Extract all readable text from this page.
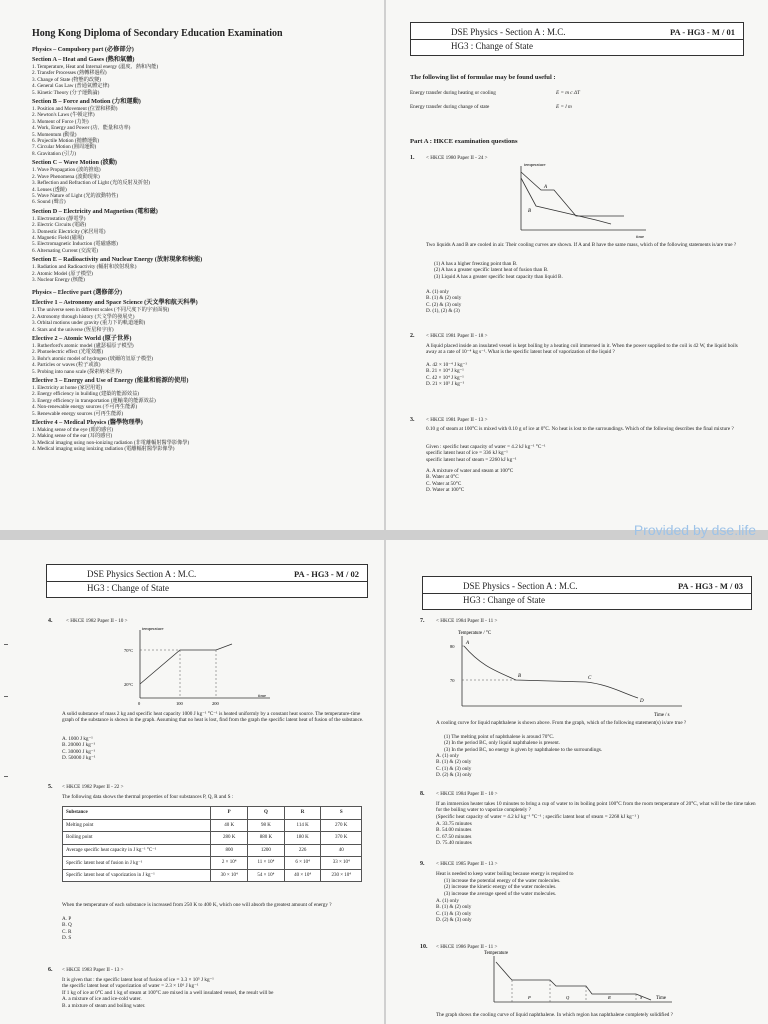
Hong Kong Diploma of Secondary Education Examination
Physics – Compulsory part (必修部分)
Section A – Heat and Gases (熱和氣體)
1. Temperature, Heat and Internal energy (溫度、熱和內能)
2. Transfer Processes (熱轉移過程)
3. Change of State (物態的改變)
4. General Gas Law (普通氣體定律)
5. Kinetic Theory (分子運動論)
Section B – Force and Motion (力和運動)
1. Position and Movement (位置和移動)
2. Newton's Laws (牛頓定律)
3. Moment of Force (力矩)
4. Work, Energy and Power (功、能量和功率)
5. Momentum (動量)
6. Projectile Motion (拋體運動)
7. Circular Motion (圓周運動)
8. Gravitation (引力)
Section C – Wave Motion (波動)
1. Wave Propagation (波的推進)
2. Wave Phenomena (波動現象)
3. Reflection and Refraction of Light (光的反射及折射)
4. Lenses (透鏡)
5. Wave Nature of Light (光的波動特性)
6. Sound (聲音)
Section D – Electricity and Magnetism (電和磁)
1. Electrostatics (靜電學)
2. Electric Circuits (電路)
3. Domestic Electricity (家居用電)
4. Magnetic Field (磁場)
5. Electromagnetic Induction (電磁感應)
6. Alternating Current (交流電)
Section E – Radioactivity and Nuclear Energy (放射現象和核能)
1. Radiation and Radioactivity (輻射和放射現象)
2. Atomic Model (原子模型)
3. Nuclear Energy (核能)
Physics – Elective part (選修部分)
Elective 1 – Astronomy and Space Science (天文學和航天科學)
1. The universe seen in different scales (不同尺度下的宇宙面貌)
2. Astronomy through history (天文學的發展史)
3. Orbital motions under gravity (重力下的軌道運動)
4. Stars and the universe (恆星和宇宙)
Elective 2 – Atomic World (原子世界)
1. Rutherford's atomic model (盧瑟福原子模型)
2. Photoelectric effect (光電效應)
3. Bohr's atomic model of hydrogen (玻爾的氫原子模型)
4. Particles or waves (粒子或波)
5. Probing into nano scale (探索納米世界)
Elective 3 – Energy and Use of Energy (能量和能源的使用)
1. Electricity at home (家居用電)
2. Energy efficiency in building (建築的能源效益)
3. Energy efficiency in transportation (運輸業的能源效益)
4. Non-renewable energy sources (不可再生能源)
5. Renewable energy sources (可再生能源)
Elective 4 – Medical Physics (醫學物理學)
1. Making sense of the eye (眼的感官)
2. Making sense of the ear (耳的感官)
3. Medical imaging using non-ionizing radiation (非電離輻射醫學影像學)
4. Medical imaging using ionizing radiation (電離輻射醫學影像學)
DSE Physics - Section A : M.C.
HG3 : Change of State
PA - HG3 - M / 01
The following list of formulae may be found useful :
Energy transfer during heating or cooling	E = m c ΔT
Energy transfer during change of state	E = l m
Part A : HKCE examination questions
1. < HKCE 1980 Paper II - 24 >
temperature
time
A
B
Two liquids A and B are cooled in air. Their cooling curves are shown. If A and B have the same mass, which of the following statements is/are true ?
(1) A has a higher freezing point than B.
(2) A has a greater specific latent heat of fusion than B.
(3) Liquid A has a greater specific heat capacity than liquid B.
A. (1) only
B. (1) & (2) only
C. (2) & (3) only
D. (1), (2) & (3)
2. < HKCE 1981 Paper II - 18 >
A liquid placed inside an insulated vessel is kept boiling by a heating coil immersed in it. When the power supplied to the coil is 42 W, the liquid boils away at a rate of 10⁻⁴ kg s⁻¹. What is the specific latent heat of vaporization of the liquid ?
A. 42 × 10⁻⁴ J kg⁻¹
B. 21 × 10⁴ J kg⁻¹
C. 42 × 10⁴ J kg⁻¹
D. 21 × 10⁵ J kg⁻¹
3. < HKCE 1981 Paper II - 13 >
0.10 g of steam at 100°C is mixed with 0.10 g of ice at 0°C. No heat is lost to the surroundings. Which of the following describes the final mixture ?
Given : specific heat capacity of water = 4.2 kJ kg⁻¹ °C⁻¹
specific latent heat of ice = 336 kJ kg⁻¹
specific latent heat of steam = 2260 kJ kg⁻¹
A. A mixture of water and steam at 100°C
B. Water at 0°C
C. Water at 50°C
D. Water at 100°C
Provided by dse.life
DSE Physics Section A : M.C.
HG3 : Change of State
PA - HG3 - M / 02
4.	< HKCE 1982 Paper II - 10 >
temperature
time
70°C
20°C
0	100	200
A solid substance of mass 2 kg and specific heat capacity 1000 J kg⁻¹ °C⁻¹ is heated uniformly by a constant heat source. The temperature-time graph of the substance is shown in the graph. Assuming that no heat is lost, find from the graph the specific latent heat of fusion of the substance.
A. 1000 J kg⁻¹
B. 20000 J kg⁻¹
C. 30000 J kg⁻¹
D. 50000 J kg⁻¹
5. < HKCE 1982 Paper II - 22 >
The following data shows the thermal properties of four substances P, Q, R and S :
Substance	P	Q	R	S
Melting point	40 K	98 K	114 K	270 K
Boiling point	280 K	880 K	180 K	370 K
Average specific heat capacity in J kg⁻¹ °C⁻¹	800	1200	226	40
Specific latent heat of fusion in J kg⁻¹	2 × 10⁴	11 × 10⁴	6 × 10⁴	33 × 10⁴
Specific latent heat of vaporization in J kg⁻¹	30 × 10⁴	54 × 10⁴	40 × 10⁴	230 × 10⁴
When the temperature of each substance is increased from 250 K to 400 K, which one will absorb the greatest amount of energy ?
A. P
B. Q
C. R
D. S
6. < HKCE 1983 Paper II - 13 >
It is given that : the specific latent heat of fusion of ice = 3.3 × 10⁵ J kg⁻¹
the specific latent heat of vaporization of water = 2.3 × 10⁶ J kg⁻¹
If 1 kg of ice at 0°C and 1 kg of steam at 100°C are mixed in a well insulated vessel, the result will be
A. a mixture of ice and ice-cold water.
B. a mixture of steam and boiling water.
DSE Physics - Section A : M.C.
HG3 : Change of State
PA - HG3 - M / 03
7. < HKCE 1984 Paper II - 11 >
Temperature / °C
Time / s
80
70
A
B	C
D
A cooling curve for liquid naphthalene is shown above. From the graph, which of the following statement(s) is/are true ?
(1) The melting point of naphthalene is around 70°C.
(2) In the period BC, only liquid naphthalene is present.
(3) In the period BC, no energy is given by naphthalene to the surroundings.
A. (1) only
B. (1) & (2) only
C. (1) & (3) only
D. (2) & (3) only
8. < HKCE 1984 Paper II - 10 >
If an immersion heater takes 10 minutes to bring a cup of water to its boiling point 100°C from the room temperature of 20°C, what will be the time taken for the boiling water to vaporize completely ?
(Specific heat capacity of water = 4.2 kJ kg⁻¹ °C⁻¹ ; specific latent heat of steam = 2268 kJ kg⁻¹ )
A. 33.75 minutes
B. 54.00 minutes
C. 67.50 minutes
D. 75.40 minutes
9. < HKCE 1985 Paper II - 13 >
Heat is needed to keep water boiling because energy is required to
(1) increase the potential energy of the water molecules.
(2) increase the kinetic energy of the water molecules.
(3) increase the average speed of the water molecules.
A. (1) only
B. (1) & (2) only
C. (1) & (3) only
D. (2) & (3) only
10. < HKCE 1986 Paper II - 11 >
Temperature
Time
P	Q	R	S
The graph shows the cooling curve of liquid naphthalene. In which region has naphthalene completely solidified ?
